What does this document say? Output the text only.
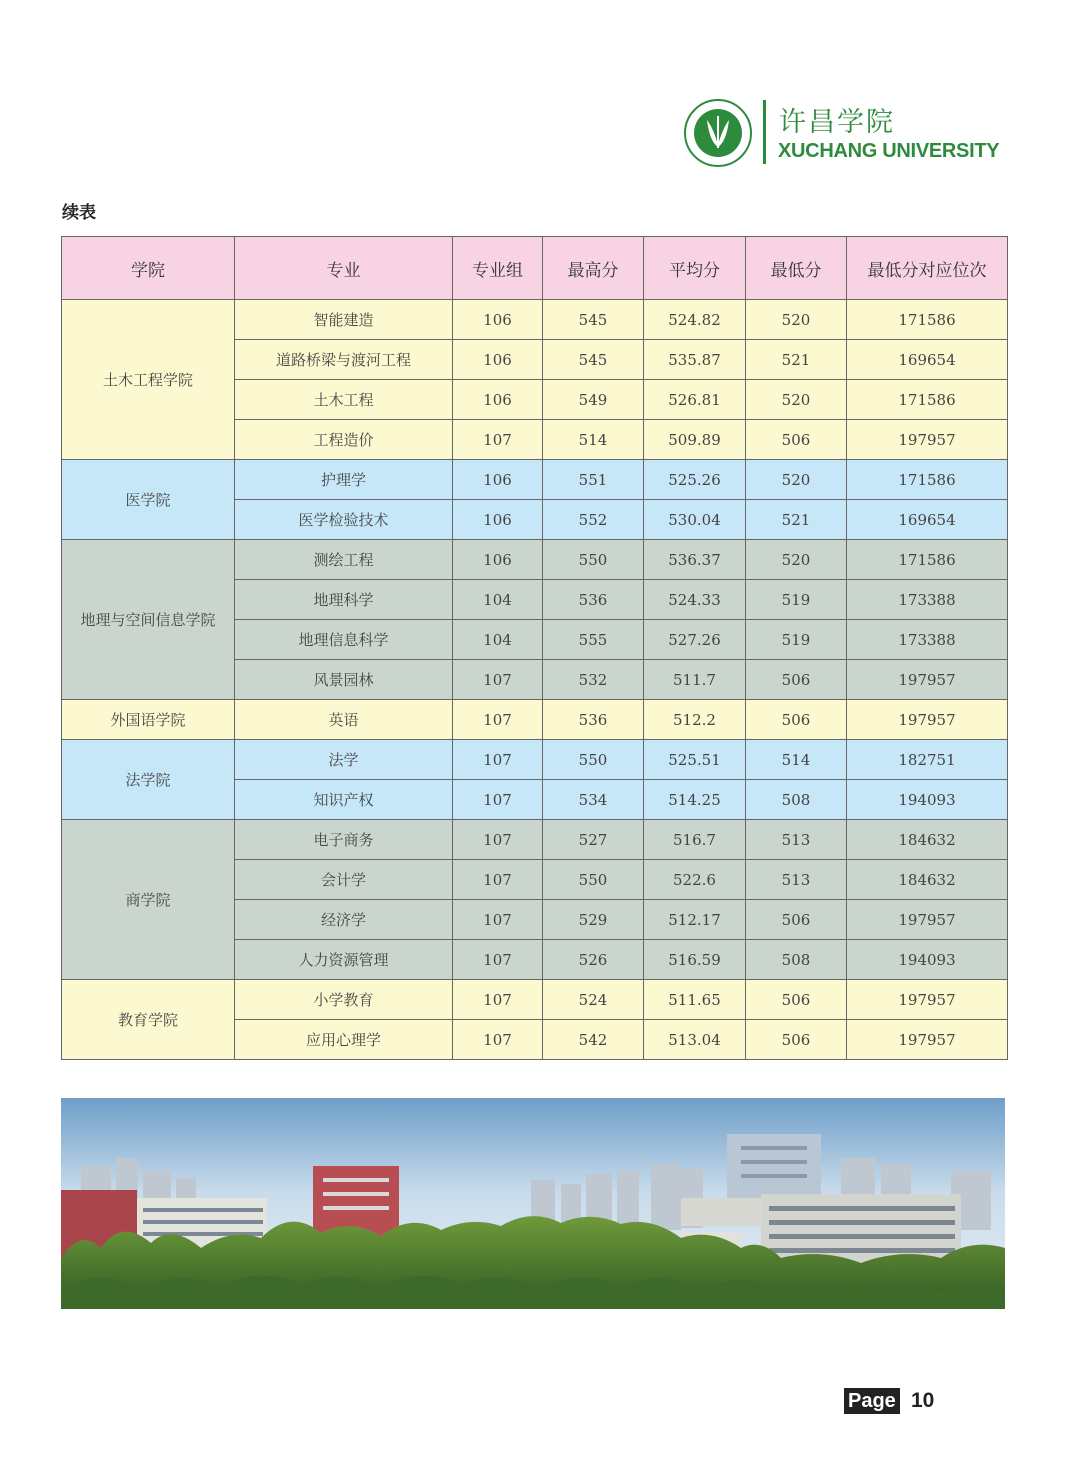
许昌学院
XUCHANG UNIVERSITY
续表
学院	专业	专业组	最高分	平均分	最低分	最低分对应位次
土木工程学院	智能建造	106	545	524.82	520	171586
	道路桥梁与渡河工程	106	545	535.87	521	169654
	土木工程	106	549	526.81	520	171586
	工程造价	107	514	509.89	506	197957
医学院	护理学	106	551	525.26	520	171586
	医学检验技术	106	552	530.04	521	169654
地理与空间信息学院	测绘工程	106	550	536.37	520	171586
	地理科学	104	536	524.33	519	173388
	地理信息科学	104	555	527.26	519	173388
	风景园林	107	532	511.7	506	197957
外国语学院	英语	107	536	512.2	506	197957
法学院	法学	107	550	525.51	514	182751
	知识产权	107	534	514.25	508	194093
商学院	电子商务	107	527	516.7	513	184632
	会计学	107	550	522.6	513	184632
	经济学	107	529	512.17	506	197957
	人力资源管理	107	526	516.59	508	194093
教育学院	小学教育	107	524	511.65	506	197957
	应用心理学	107	542	513.04	506	197957
Page 10
